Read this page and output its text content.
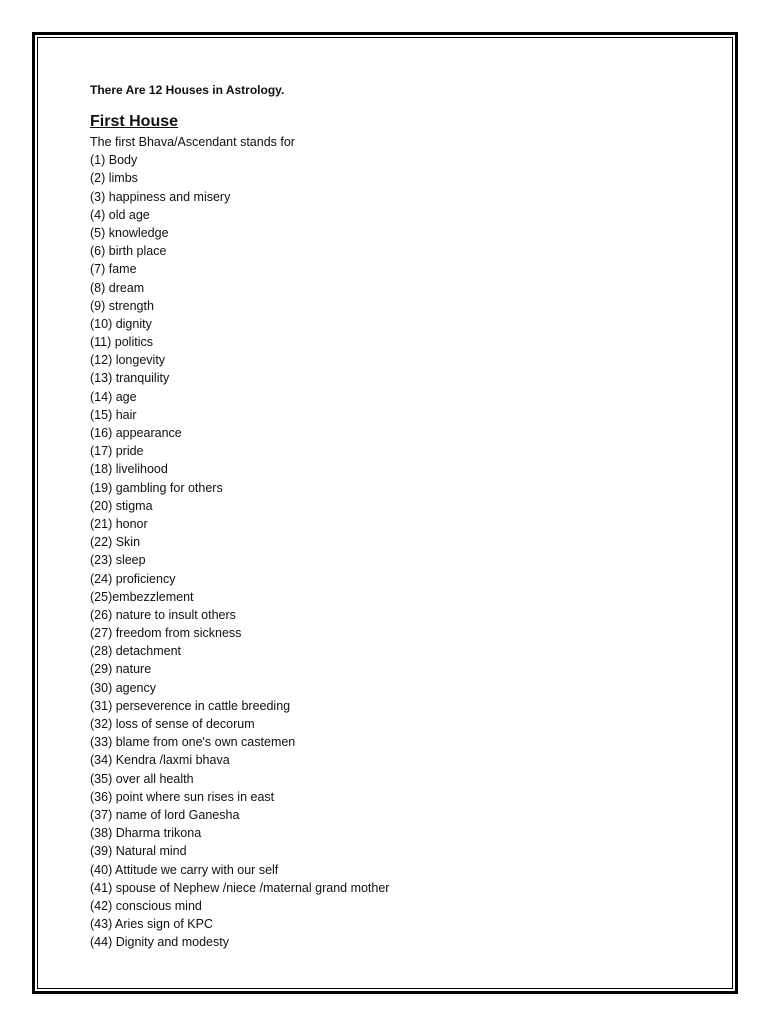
There Are 12 Houses in Astrology.

First House

The first Bhava/Ascendant stands for

(1) Body
(2) limbs
(3) happiness and misery
(4) old age
(5) knowledge
(6) birth place
(7) fame
(8) dream
(9) strength
(10) dignity
(11) politics
(12) longevity
(13) tranquility
(14) age
(15) hair
(16) appearance
(17) pride
(18) livelihood
(19) gambling for others
(20) stigma
(21) honor
(22) Skin
(23) sleep
(24) proficiency
(25)embezzlement
(26) nature to insult others
(27) freedom from sickness
(28) detachment
(29) nature
(30) agency
(31) perseverence in cattle breeding
(32) loss of sense of decorum
(33) blame from one's own castemen
(34) Kendra /laxmi bhava
(35) over all health
(36) point where sun rises in east
(37) name of lord Ganesha
(38) Dharma trikona
(39) Natural mind
(40) Attitude we carry with our self
(41) spouse of Nephew /niece /maternal grand mother
(42) conscious mind
(43) Aries sign of KPC
(44) Dignity and modesty
